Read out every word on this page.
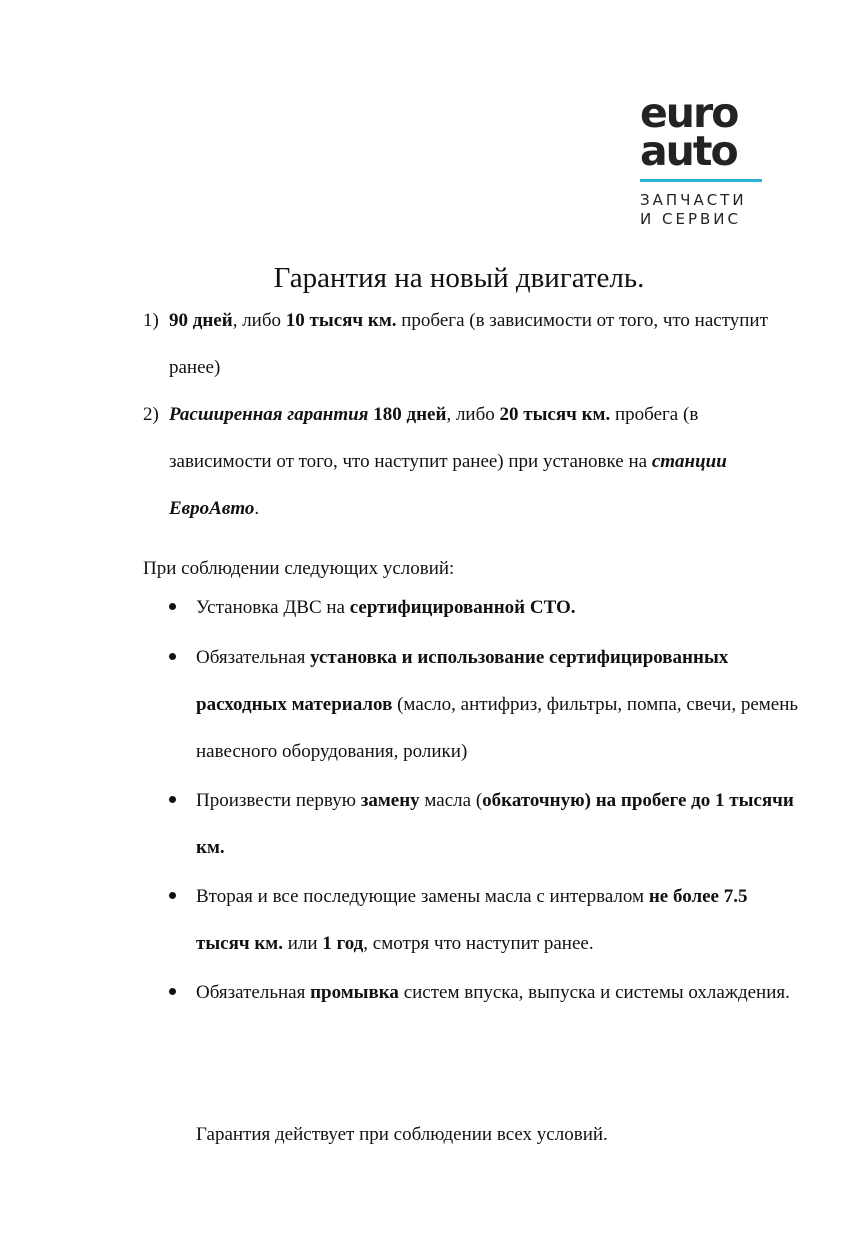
euro
auto
ЗАПЧАСТИ
И СЕРВИС
Гарантия на новый двигатель.
1) 90 дней, либо 10 тысяч км. пробега (в зависимости от того, что наступит ранее)
2) Расширенная гарантия 180 дней, либо 20 тысяч км. пробега (в зависимости от того, что наступит ранее) при установке на станции ЕвроАвто.
При соблюдении следующих условий:
Установка ДВС на сертифицированной СТО.
Обязательная установка и использование сертифицированных расходных материалов (масло, антифриз, фильтры, помпа, свечи, ремень навесного оборудования, ролики)
Произвести первую замену масла (обкаточную) на пробеге до 1 тысячи км.
Вторая и все последующие замены масла с интервалом не более 7.5 тысяч км. или 1 год, смотря что наступит ранее.
Обязательная промывка систем впуска, выпуска и системы охлаждения.
Гарантия действует при соблюдении всех условий.
